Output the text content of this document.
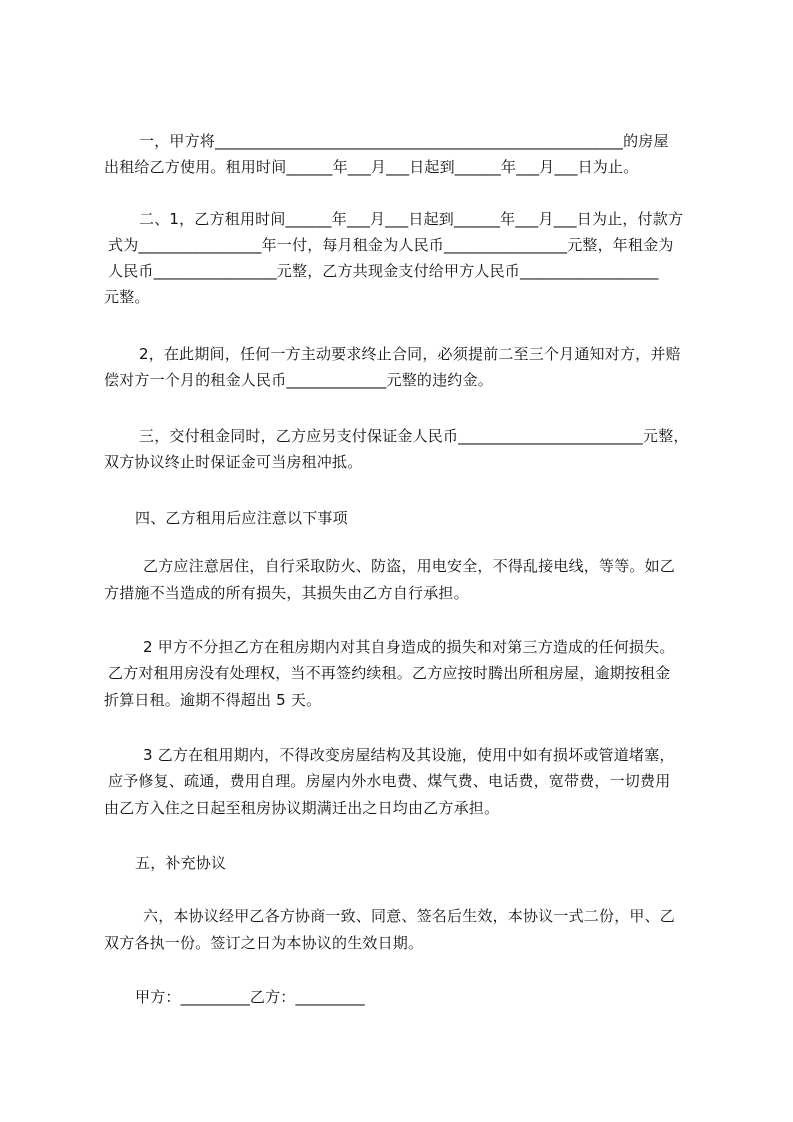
一，甲方将_____________________________________________________的房屋
出租给乙方使用。租用时间______年___月___日起到______年___月___日为止。
二、1，乙方租用时间______年___月___日起到______年___月___日为止，付款方
式为________________年一付，每月租金为人民币________________元整，年租金为
人民币________________元整，乙方共现金支付给甲方人民币__________________
元整。
2，在此期间，任何一方主动要求终止合同，必须提前二至三个月通知对方，并赔
偿对方一个月的租金人民币_____________元整的违约金。
三，交付租金同时，乙方应另支付保证金人民币________________________元整，
双方协议终止时保证金可当房租冲抵。
四、乙方租用后应注意以下事项
乙方应注意居住，自行采取防火、防盗，用电安全，不得乱接电线，等等。如乙
方措施不当造成的所有损失，其损失由乙方自行承担。
2 甲方不分担乙方在租房期内对其自身造成的损失和对第三方造成的任何损失。
乙方对租用房没有处理权，当不再签约续租。乙方应按时腾出所租房屋，逾期按租金
折算日租。逾期不得超出 5 天。
3 乙方在租用期内，不得改变房屋结构及其设施，使用中如有损坏或管道堵塞，
应予修复、疏通，费用自理。房屋内外水电费、煤气费、电话费，宽带费，一切费用
由乙方入住之日起至租房协议期满迁出之日均由乙方承担。
五，补充协议
六，本协议经甲乙各方协商一致、同意、签名后生效，本协议一式二份，甲、乙
双方各执一份。签订之日为本协议的生效日期。
甲方：_________乙方：_________
